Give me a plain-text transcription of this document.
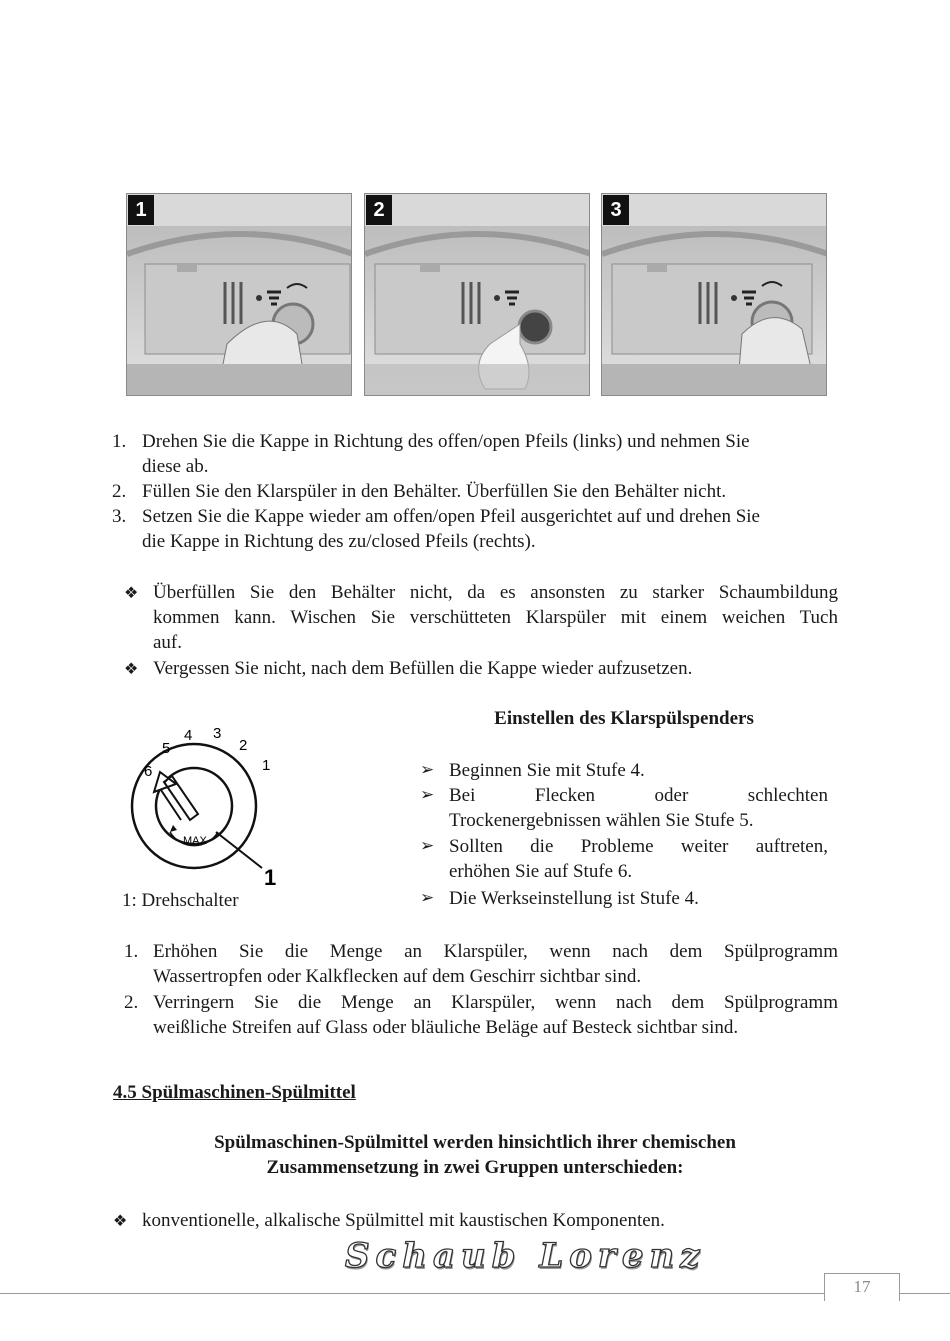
1	2	3
1. Drehen Sie die Kappe in Richtung des offen/open Pfeils (links) und nehmen Sie
diese ab.
2. Füllen Sie den Klarspüler in den Behälter. Überfüllen Sie den Behälter nicht.
3. Setzen Sie die Kappe wieder am offen/open Pfeil ausgerichtet auf und drehen Sie
die Kappe in Richtung des zu/closed Pfeils (rechts).
❖ Überfüllen Sie den Behälter nicht, da es ansonsten zu starker Schaumbildung
kommen kann. Wischen Sie verschütteten Klarspüler mit einem weichen Tuch
auf.
❖ Vergessen Sie nicht, nach dem Befüllen die Kappe wieder aufzusetzen.
1
2
3
4
5
6
MAX
1
1: Drehschalter
Einstellen des Klarspülspenders
➢ Beginnen Sie mit Stufe 4.
➢ Bei Flecken oder schlechten
Trockenergebnissen wählen Sie Stufe 5.
➢ Sollten die Probleme weiter auftreten,
erhöhen Sie auf Stufe 6.
➢ Die Werkseinstellung ist Stufe 4.
1. Erhöhen Sie die Menge an Klarspüler, wenn nach dem Spülprogramm
Wassertropfen oder Kalkflecken auf dem Geschirr sichtbar sind.
2. Verringern Sie die Menge an Klarspüler, wenn nach dem Spülprogramm
weißliche Streifen auf Glass oder bläuliche Beläge auf Besteck sichtbar sind.
4.5 Spülmaschinen-Spülmittel
Spülmaschinen-Spülmittel werden hinsichtlich ihrer chemischen
Zusammensetzung in zwei Gruppen unterschieden:
❖ konventionelle, alkalische Spülmittel mit kaustischen Komponenten.
Schaub Lorenz
17
